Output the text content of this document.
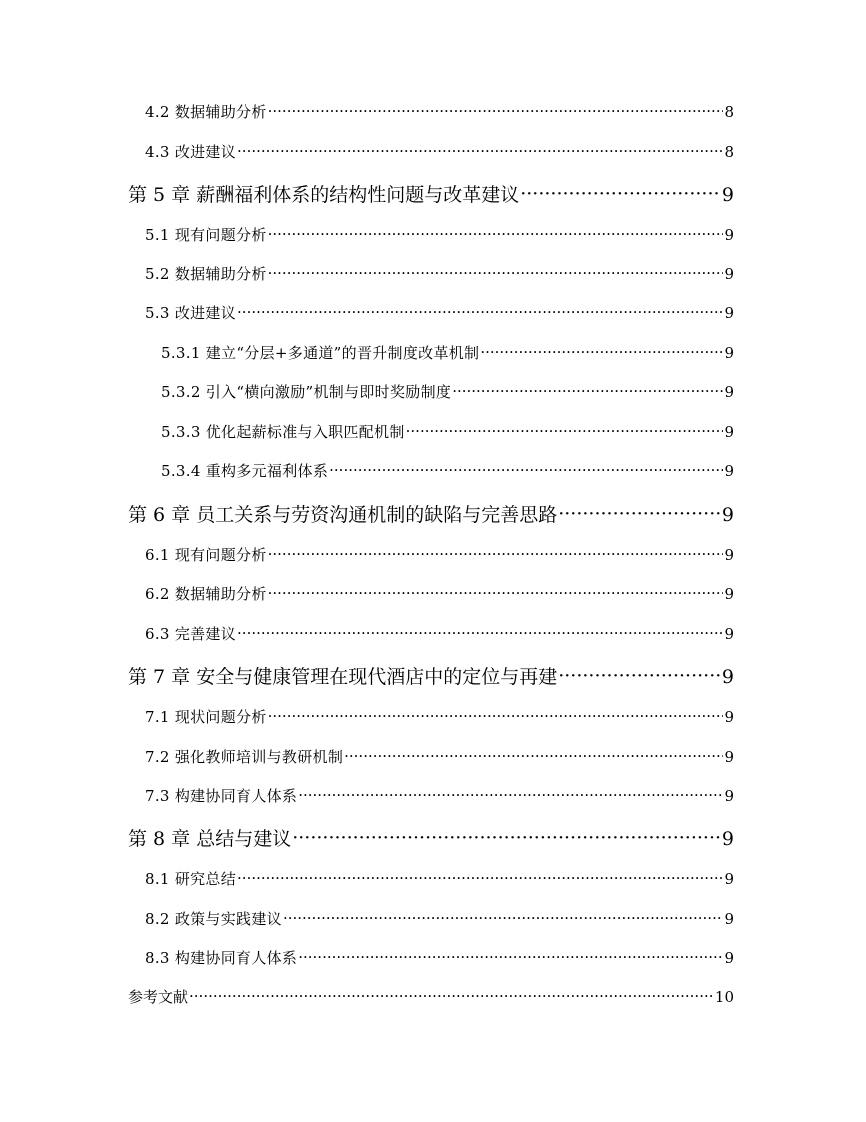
4.2 数据辅助分析 ·····	8
4.3 改进建议 ·····	8
第 5 章 薪酬福利体系的结构性问题与改革建议 ·····	9
5.1 现有问题分析 ·····	9
5.2 数据辅助分析 ·····	9
5.3 改进建议 ·····	9
5.3.1 建立“分层+多通道”的晋升制度改革机制 ·····	9
5.3.2 引入“横向激励”机制与即时奖励制度 ·····	9
5.3.3 优化起薪标准与入职匹配机制 ·····	9
5.3.4 重构多元福利体系 ·····	9
第 6 章 员工关系与劳资沟通机制的缺陷与完善思路 ·····	9
6.1 现有问题分析 ·····	9
6.2 数据辅助分析 ·····	9
6.3 完善建议 ·····	9
第 7 章 安全与健康管理在现代酒店中的定位与再建 ·····	9
7.1 现状问题分析 ·····	9
7.2 强化教师培训与教研机制 ·····	9
7.3 构建协同育人体系 ·····	9
第 8 章 总结与建议 ·····	9
8.1 研究总结 ·····	9
8.2 政策与实践建议 ·····	9
8.3 构建协同育人体系 ·····	9
参考文献 ·····	10
